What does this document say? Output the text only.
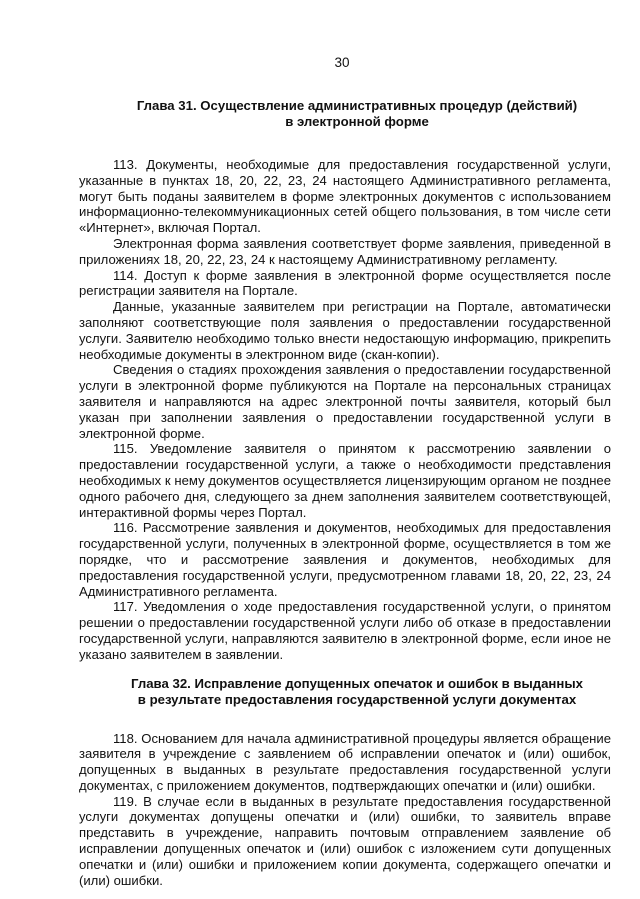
30
Глава 31. Осуществление административных процедур (действий)
в электронной форме

113. Документы, необходимые для предоставления государственной услуги, указанные в пунктах 18, 20, 22, 23, 24 настоящего Административного регламента, могут быть поданы заявителем в форме электронных документов с использованием информационно-телекоммуникационных сетей общего пользования, в том числе сети «Интернет», включая Портал.

Электронная форма заявления соответствует форме заявления, приведенной в приложениях 18, 20, 22, 23, 24 к настоящему Административному регламенту.

114. Доступ к форме заявления в электронной форме осуществляется после регистрации заявителя на Портале.

Данные, указанные заявителем при регистрации на Портале, автоматически заполняют соответствующие поля заявления о предоставлении государственной услуги. Заявителю необходимо только внести недостающую информацию, прикрепить необходимые документы в электронном виде (скан-копии).

Сведения о стадиях прохождения заявления о предоставлении государственной услуги в электронной форме публикуются на Портале на персональных страницах заявителя и направляются на адрес электронной почты заявителя, который был указан при заполнении заявления о предоставлении государственной услуги в электронной форме.

115. Уведомление заявителя о принятом к рассмотрению заявлении о предоставлении государственной услуги, а также о необходимости представления необходимых к нему документов осуществляется лицензирующим органом не позднее одного рабочего дня, следующего за днем заполнения заявителем соответствующей, интерактивной формы через Портал.

116. Рассмотрение заявления и документов, необходимых для предоставления государственной услуги, полученных в электронной форме, осуществляется в том же порядке, что и рассмотрение заявления и документов, необходимых для предоставления государственной услуги, предусмотренном главами 18, 20, 22, 23, 24 Административного регламента.

117. Уведомления о ходе предоставления государственной услуги, о принятом решении о предоставлении государственной услуги либо об отказе в предоставлении государственной услуги, направляются заявителю в электронной форме, если иное не указано заявителем в заявлении.

Глава 32. Исправление допущенных опечаток и ошибок в выданных
в результате предоставления государственной услуги документах

118. Основанием для начала административной процедуры является обращение заявителя в учреждение с заявлением об исправлении опечаток и (или) ошибок, допущенных в выданных в результате предоставления государственной услуги документах, с приложением документов, подтверждающих опечатки и (или) ошибки.

119. В случае если в выданных в результате предоставления государственной услуги документах допущены опечатки и (или) ошибки, то заявитель вправе представить в учреждение, направить почтовым отправлением заявление об исправлении допущенных опечаток и (или) ошибок с изложением сути допущенных опечатки и (или) ошибки и приложением копии документа, содержащего опечатки и (или) ошибки.
